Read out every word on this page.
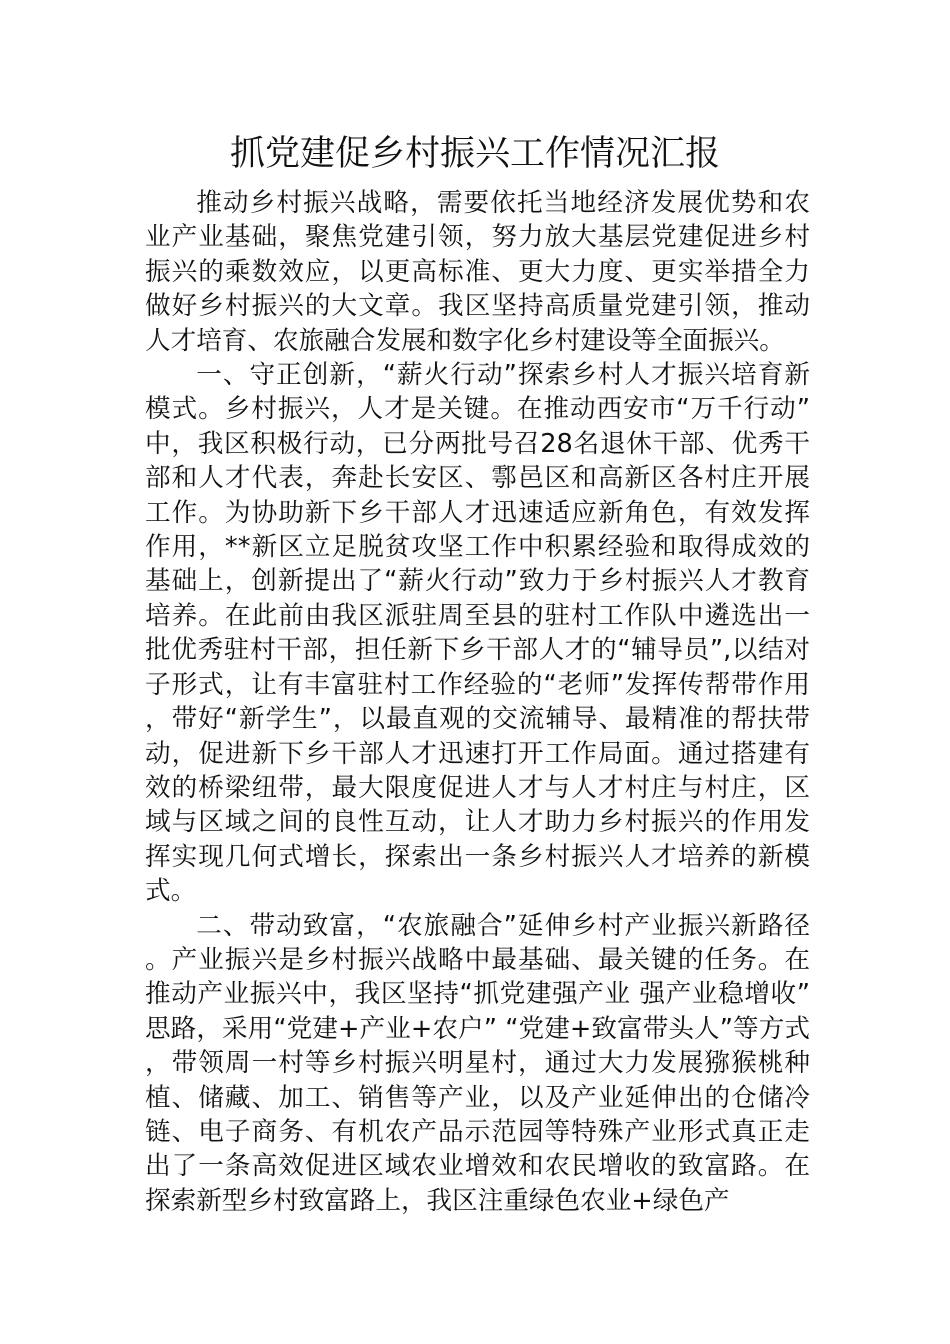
抓党建促乡村振兴工作情况汇报

推动乡村振兴战略，需要依托当地经济发展优势和农业产业基础，聚焦党建引领，努力放大基层党建促进乡村振兴的乘数效应，以更高标准、更大力度、更实举措全力做好乡村振兴的大文章。我区坚持高质量党建引领，推动人才培育、农旅融合发展和数字化乡村建设等全面振兴。

一、守正创新，“薪火行动”探索乡村人才振兴培育新模式。乡村振兴，人才是关键。在推动西安市“万千行动”中，我区积极行动，已分两批号召28名退休干部、优秀干部和人才代表，奔赴长安区、鄠邑区和高新区各村庄开展工作。为协助新下乡干部人才迅速适应新角色，有效发挥作用，**新区立足脱贫攻坚工作中积累经验和取得成效的基础上，创新提出了“薪火行动”致力于乡村振兴人才教育培养。在此前由我区派驻周至县的驻村工作队中遴选出一批优秀驻村干部，担任新下乡干部人才的“辅导员”,以结对子形式，让有丰富驻村工作经验的“老师”发挥传帮带作用，带好“新学生”，以最直观的交流辅导、最精准的帮扶带动，促进新下乡干部人才迅速打开工作局面。通过搭建有效的桥梁纽带，最大限度促进人才与人才村庄与村庄，区域与区域之间的良性互动，让人才助力乡村振兴的作用发挥实现几何式增长，探索出一条乡村振兴人才培养的新模式。

二、带动致富，“农旅融合”延伸乡村产业振兴新路径。产业振兴是乡村振兴战略中最基础、最关键的任务。在推动产业振兴中，我区坚持“抓党建强产业 强产业稳增收”思路，采用“党建+产业+农户” “党建+致富带头人”等方式，带领周一村等乡村振兴明星村，通过大力发展猕猴桃种植、储藏、加工、销售等产业，以及产业延伸出的仓储冷链、电子商务、有机农产品示范园等特殊产业形式真正走出了一条高效促进区域农业增效和农民增收的致富路。在探索新型乡村致富路上，我区注重绿色农业+绿色产
